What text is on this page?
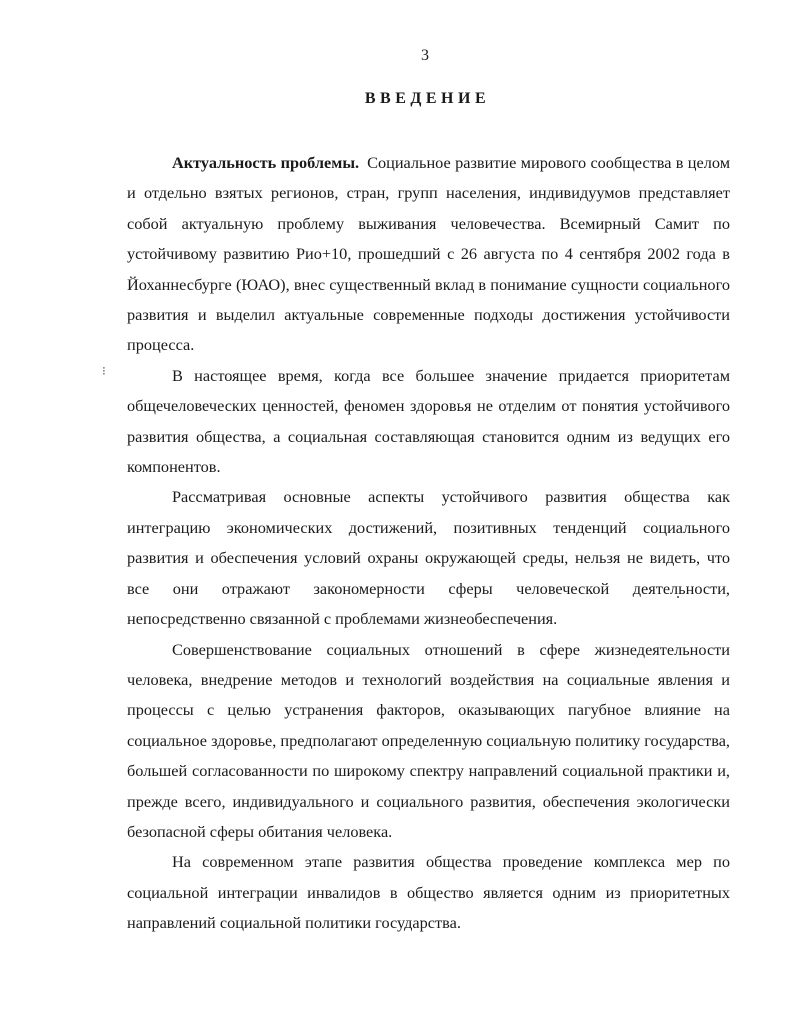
3
ВВЕДЕНИЕ
⁝

Актуальность проблемы. Социальное развитие мирового сообщества в целом и отдельно взятых регионов, стран, групп населения, индивидуумов представляет собой актуальную проблему выживания человечества. Всемирный Самит по устойчивому развитию Рио+10, прошедший с 26 августа по 4 сентября 2002 года в Йоханнесбурге (ЮАО), внес существенный вклад в понимание сущности социального развития и выделил актуальные современные подходы достижения устойчивости процесса.

В настоящее время, когда все большее значение придается приоритетам общечеловеческих ценностей, феномен здоровья не отделим от понятия устойчивого развития общества, а социальная составляющая становится одним из ведущих его компонентов.

Рассматривая основные аспекты устойчивого развития общества как интеграцию экономических достижений, позитивных тенденций социального развития и обеспечения условий охраны окружающей среды, нельзя не видеть, что все они отражают закономерности сферы человеческой деятельности, непосредственно связанной с проблемами жизнеобеспечения.

Совершенствование социальных отношений в сфере жизнедеятельности человека, внедрение методов и технологий воздействия на социальные явления и процессы с целью устранения факторов, оказывающих пагубное влияние на социальное здоровье, предполагают определенную социальную политику государства, большей согласованности по широкому спектру направлений социальной практики и, прежде всего, индивидуального и социального развития, обеспечения экологически безопасной сферы обитания человека.

На современном этапе развития общества проведение комплекса мер по социальной интеграции инвалидов в общество является одним из приоритетных направлений социальной политики государства.
